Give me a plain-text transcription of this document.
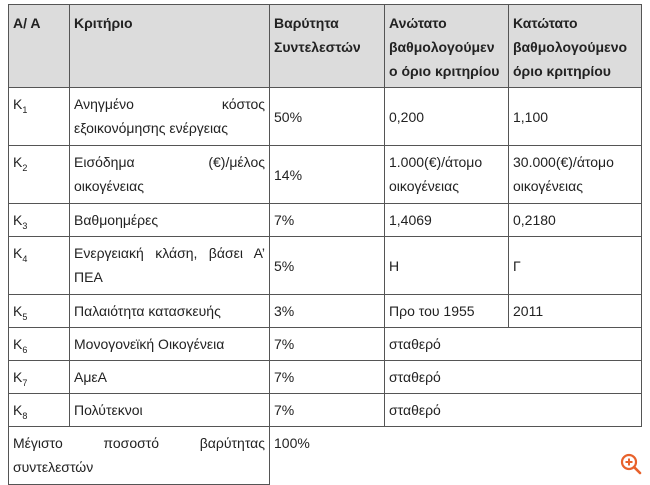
Α/ Α	Κριτήριο	Βαρύτητα Συντελεστών	Ανώτατο βαθμολογούμεν ο όριο κριτηρίου	Κατώτατο βαθμολογούμενο όριο κριτηρίου
$K_1$	Ανηγμένο κόστος εξοικονόμησης ενέργειας	50%	0,200	1,100
$K_2$	Εισόδημα (€)/μέλος οικογένειας	14%	1.000(€)/άτομο οικογένειας	30.000(€)/άτομο οικογένειας
$K_3$	Βαθμοημέρες	7%	1,4069	0,2180
$K_4$	Ενεργειακή κλάση, βάσει Α’ ΠΕΑ	5%	Η	Γ
$K_5$	Παλαιότητα κατασκευής	3%	Προ του 1955	2011
$K_6$	Μονογονεϊκή Οικογένεια	7%	σταθερό	
$K_7$	ΑμεΑ	7%	σταθερό	
$K_8$	Πολύτεκνοι	7%	σταθερό	
Μέγιστο ποσοστό βαρύτητας συντελεστών		100%		
